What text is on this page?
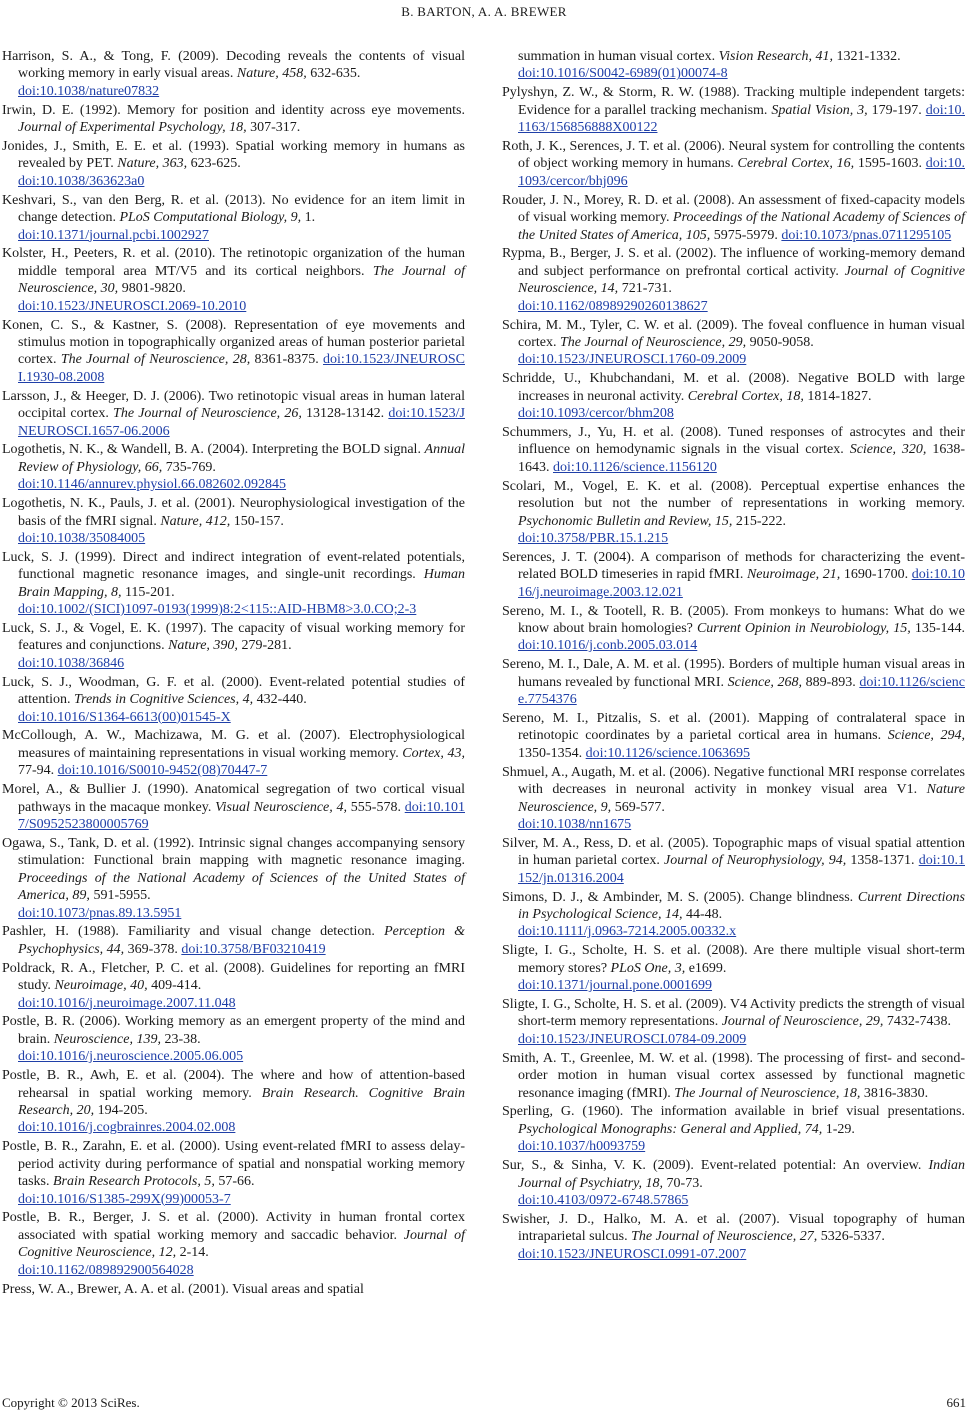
B. BARTON, A. A. BREWER

Harrison, S. A., & Tong, F. (2009). Decoding reveals the contents of visual working memory in early visual areas. Nature, 458, 632-635.
doi:10.1038/nature07832

Irwin, D. E. (1992). Memory for position and identity across eye movements. Journal of Experimental Psychology, 18, 307-317.

Jonides, J., Smith, E. E. et al. (1993). Spatial working memory in humans as revealed by PET. Nature, 363, 623-625.
doi:10.1038/363623a0

Keshvari, S., van den Berg, R. et al. (2013). No evidence for an item limit in change detection. PLoS Computational Biology, 9, 1.
doi:10.1371/journal.pcbi.1002927

Kolster, H., Peeters, R. et al. (2010). The retinotopic organization of the human middle temporal area MT/V5 and its cortical neighbors. The Journal of Neuroscience, 30, 9801-9820.
doi:10.1523/JNEUROSCI.2069-10.2010

Konen, C. S., & Kastner, S. (2008). Representation of eye movements and stimulus motion in topographically organized areas of human posterior parietal cortex. The Journal of Neuroscience, 28, 8361-8375. doi:10.1523/JNEUROSCI.1930-08.2008

Larsson, J., & Heeger, D. J. (2006). Two retinotopic visual areas in human lateral occipital cortex. The Journal of Neuroscience, 26, 13128-13142. doi:10.1523/JNEUROSCI.1657-06.2006

Logothetis, N. K., & Wandell, B. A. (2004). Interpreting the BOLD signal. Annual Review of Physiology, 66, 735-769.
doi:10.1146/annurev.physiol.66.082602.092845

Logothetis, N. K., Pauls, J. et al. (2001). Neurophysiological investigation of the basis of the fMRI signal. Nature, 412, 150-157.
doi:10.1038/35084005

Luck, S. J. (1999). Direct and indirect integration of event-related potentials, functional magnetic resonance images, and single-unit recordings. Human Brain Mapping, 8, 115-201.
doi:10.1002/(SICI)1097-0193(1999)8:2<115::AID-HBM8>3.0.CO;2-3

Luck, S. J., & Vogel, E. K. (1997). The capacity of visual working memory for features and conjunctions. Nature, 390, 279-281.
doi:10.1038/36846

Luck, S. J., Woodman, G. F. et al. (2000). Event-related potential studies of attention. Trends in Cognitive Sciences, 4, 432-440.
doi:10.1016/S1364-6613(00)01545-X

McCollough, A. W., Machizawa, M. G. et al. (2007). Electrophysiological measures of maintaining representations in visual working memory. Cortex, 43, 77-94. doi:10.1016/S0010-9452(08)70447-7

Morel, A., & Bullier J. (1990). Anatomical segregation of two cortical visual pathways in the macaque monkey. Visual Neuroscience, 4, 555-578. doi:10.1017/S0952523800005769

Ogawa, S., Tank, D. et al. (1992). Intrinsic signal changes accompanying sensory stimulation: Functional brain mapping with magnetic resonance imaging. Proceedings of the National Academy of Sciences of the United States of America, 89, 591-5955.
doi:10.1073/pnas.89.13.5951

Pashler, H. (1988). Familiarity and visual change detection. Perception & Psychophysics, 44, 369-378. doi:10.3758/BF03210419

Poldrack, R. A., Fletcher, P. C. et al. (2008). Guidelines for reporting an fMRI study. Neuroimage, 40, 409-414.
doi:10.1016/j.neuroimage.2007.11.048

Postle, B. R. (2006). Working memory as an emergent property of the mind and brain. Neuroscience, 139, 23-38.
doi:10.1016/j.neuroscience.2005.06.005

Postle, B. R., Awh, E. et al. (2004). The where and how of attention-based rehearsal in spatial working memory. Brain Research. Cognitive Brain Research, 20, 194-205.
doi:10.1016/j.cogbrainres.2004.02.008

Postle, B. R., Zarahn, E. et al. (2000). Using event-related fMRI to assess delay-period activity during performance of spatial and nonspatial working memory tasks. Brain Research Protocols, 5, 57-66.
doi:10.1016/S1385-299X(99)00053-7

Postle, B. R., Berger, J. S. et al. (2000). Activity in human frontal cortex associated with spatial working memory and saccadic behavior. Journal of Cognitive Neuroscience, 12, 2-14.
doi:10.1162/089892900564028

Press, W. A., Brewer, A. A. et al. (2001). Visual areas and spatial

summation in human visual cortex. Vision Research, 41, 1321-1332.
doi:10.1016/S0042-6989(01)00074-8

Pylyshyn, Z. W., & Storm, R. W. (1988). Tracking multiple independent targets: Evidence for a parallel tracking mechanism. Spatial Vision, 3, 179-197. doi:10.1163/156856888X00122

Roth, J. K., Serences, J. T. et al. (2006). Neural system for controlling the contents of object working memory in humans. Cerebral Cortex, 16, 1595-1603. doi:10.1093/cercor/bhj096

Rouder, J. N., Morey, R. D. et al. (2008). An assessment of fixed-capacity models of visual working memory. Proceedings of the National Academy of Sciences of the United States of America, 105, 5975-5979. doi:10.1073/pnas.0711295105

Rypma, B., Berger, J. S. et al. (2002). The influence of working-memory demand and subject performance on prefrontal cortical activity. Journal of Cognitive Neuroscience, 14, 721-731.
doi:10.1162/08989290260138627

Schira, M. M., Tyler, C. W. et al. (2009). The foveal confluence in human visual cortex. The Journal of Neuroscience, 29, 9050-9058.
doi:10.1523/JNEUROSCI.1760-09.2009

Schridde, U., Khubchandani, M. et al. (2008). Negative BOLD with large increases in neuronal activity. Cerebral Cortex, 18, 1814-1827.
doi:10.1093/cercor/bhm208

Schummers, J., Yu, H. et al. (2008). Tuned responses of astrocytes and their influence on hemodynamic signals in the visual cortex. Science, 320, 1638-1643. doi:10.1126/science.1156120

Scolari, M., Vogel, E. K. et al. (2008). Perceptual expertise enhances the resolution but not the number of representations in working memory. Psychonomic Bulletin and Review, 15, 215-222.
doi:10.3758/PBR.15.1.215

Serences, J. T. (2004). A comparison of methods for characterizing the event-related BOLD timeseries in rapid fMRI. Neuroimage, 21, 1690-1700. doi:10.1016/j.neuroimage.2003.12.021

Sereno, M. I., & Tootell, R. B. (2005). From monkeys to humans: What do we know about brain homologies? Current Opinion in Neurobiology, 15, 135-144. doi:10.1016/j.conb.2005.03.014

Sereno, M. I., Dale, A. M. et al. (1995). Borders of multiple human visual areas in humans revealed by functional MRI. Science, 268, 889-893. doi:10.1126/science.7754376

Sereno, M. I., Pitzalis, S. et al. (2001). Mapping of contralateral space in retinotopic coordinates by a parietal cortical area in humans. Science, 294, 1350-1354. doi:10.1126/science.1063695

Shmuel, A., Augath, M. et al. (2006). Negative functional MRI response correlates with decreases in neuronal activity in monkey visual area V1. Nature Neuroscience, 9, 569-577.
doi:10.1038/nn1675

Silver, M. A., Ress, D. et al. (2005). Topographic maps of visual spatial attention in human parietal cortex. Journal of Neurophysiology, 94, 1358-1371. doi:10.1152/jn.01316.2004

Simons, D. J., & Ambinder, M. S. (2005). Change blindness. Current Directions in Psychological Science, 14, 44-48.
doi:10.1111/j.0963-7214.2005.00332.x

Sligte, I. G., Scholte, H. S. et al. (2008). Are there multiple visual short-term memory stores? PLoS One, 3, e1699.
doi:10.1371/journal.pone.0001699

Sligte, I. G., Scholte, H. S. et al. (2009). V4 Activity predicts the strength of visual short-term memory representations. Journal of Neuroscience, 29, 7432-7438.
doi:10.1523/JNEUROSCI.0784-09.2009

Smith, A. T., Greenlee, M. W. et al. (1998). The processing of first- and second-order motion in human visual cortex assessed by functional magnetic resonance imaging (fMRI). The Journal of Neuroscience, 18, 3816-3830.

Sperling, G. (1960). The information available in brief visual presentations. Psychological Monographs: General and Applied, 74, 1-29.
doi:10.1037/h0093759

Sur, S., & Sinha, V. K. (2009). Event-related potential: An overview. Indian Journal of Psychiatry, 18, 70-73.
doi:10.4103/0972-6748.57865

Swisher, J. D., Halko, M. A. et al. (2007). Visual topography of human intraparietal sulcus. The Journal of Neuroscience, 27, 5326-5337.
doi:10.1523/JNEUROSCI.0991-07.2007

Copyright © 2013 SciRes.	661
